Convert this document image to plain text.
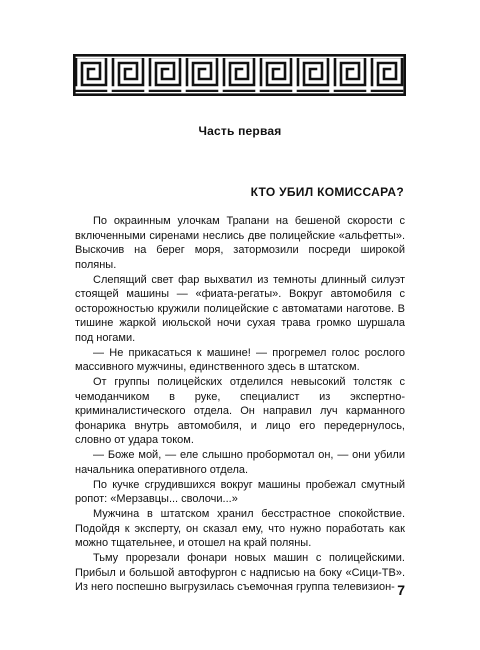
Часть первая
КТО УБИЛ КОМИССАРА?

По окраинным улочкам Трапани на бешеной скорости с включенными сиренами неслись две полицейские «альфетты». Выскочив на берег моря, затормозили посреди широкой поляны.

Слепящий свет фар выхватил из темноты длинный силуэт стоящей машины — «фиата-регаты». Вокруг автомобиля с осторожностью кружили полицейские с автоматами наготове. В тишине жаркой июльской ночи сухая трава громко шуршала под ногами.

— Не прикасаться к машине! — прогремел голос рослого массивного мужчины, единственного здесь в штатском.

От группы полицейских отделился невысокий толстяк с чемоданчиком в руке, специалист из экспертно-криминалистического отдела. Он направил луч карманного фонарика внутрь автомобиля, и лицо его передернулось, словно от удара током.

— Боже мой, — еле слышно пробормотал он, — они убили начальника оперативного отдела.

По кучке сгрудившихся вокруг машины пробежал смутный ропот: «Мерзавцы... сволочи...»

Мужчина в штатском хранил бесстрастное спокойствие. Подойдя к эксперту, он сказал ему, что нужно поработать как можно тщательнее, и отошел на край поляны.

Тьму прорезали фонари новых машин с полицейскими. Прибыл и большой автофургон с надписью на боку «Сици-ТВ». Из него поспешно выгрузилась съемочная группа телевизион- 7
